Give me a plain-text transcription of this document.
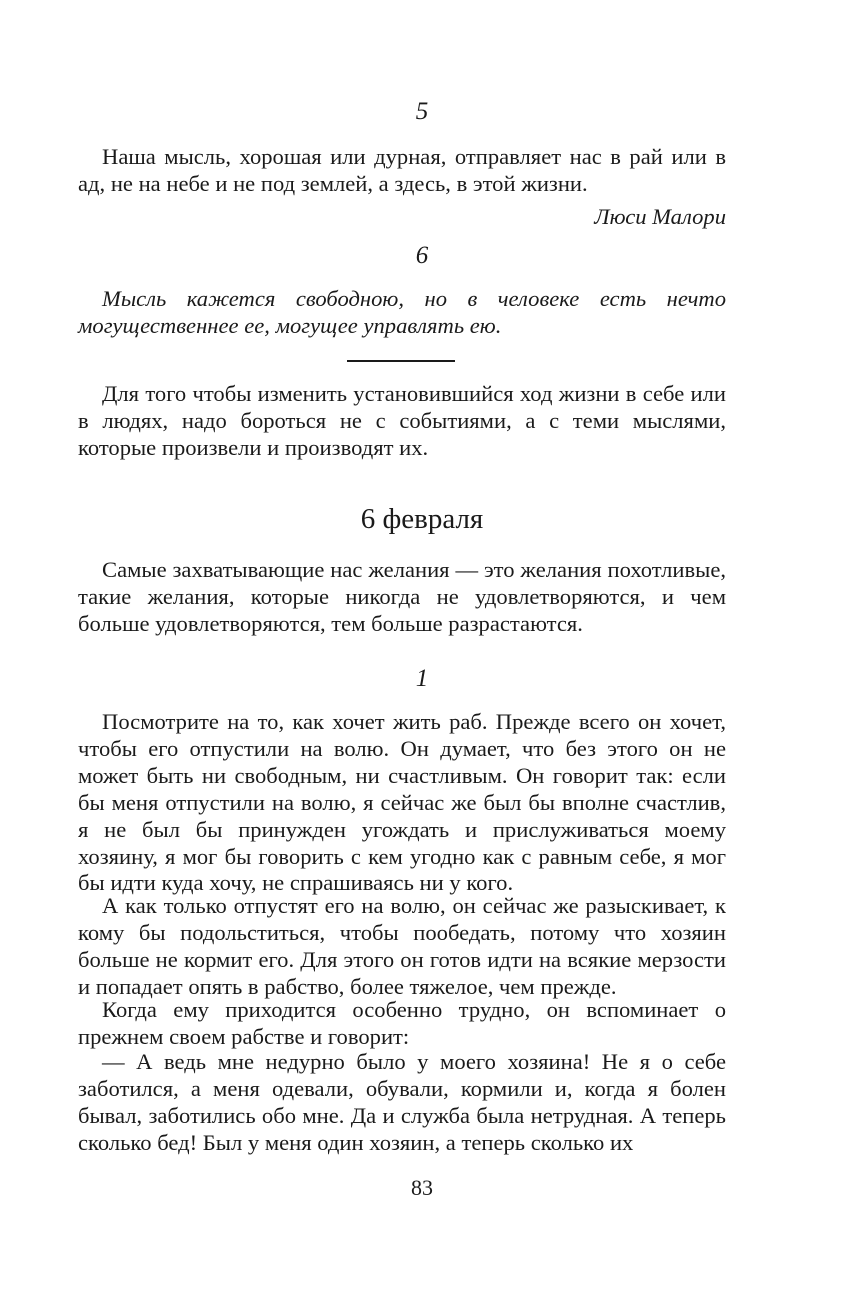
5

Наша мысль, хорошая или дурная, отправляет нас в рай или в ад, не на небе и не под землей, а здесь, в этой жизни.

Люси Малори
6

Мысль кажется свободною, но в человеке есть нечто могущественнее ее, могущее управлять ею.

Для того чтобы изменить установившийся ход жизни в себе или в людях, надо бороться не с событиями, а с теми мыслями, которые произвели и производят их.

6 февраля

Самые захватывающие нас желания — это желания похотливые, такие желания, которые никогда не удовлетворяются, и чем больше удовлетворяются, тем больше разрастаются.

1

Посмотрите на то, как хочет жить раб. Прежде всего он хочет, чтобы его отпустили на волю. Он думает, что без этого он не может быть ни свободным, ни счастливым. Он говорит так: если бы меня отпустили на волю, я сейчас же был бы вполне счастлив, я не был бы принужден угождать и прислуживаться моему хозяину, я мог бы говорить с кем угодно как с равным себе, я мог бы идти куда хочу, не спрашиваясь ни у кого.

А как только отпустят его на волю, он сейчас же разыскивает, к кому бы подольститься, чтобы пообедать, потому что хозяин больше не кормит его. Для этого он готов идти на всякие мерзости и попадает опять в рабство, более тяжелое, чем прежде.

Когда ему приходится особенно трудно, он вспоминает о прежнем своем рабстве и говорит:

— А ведь мне недурно было у моего хозяина! Не я о себе заботился, а меня одевали, обували, кормили и, когда я болен бывал, заботились обо мне. Да и служба была нетрудная. А теперь сколько бед! Был у меня один хозяин, а теперь сколько их

83
